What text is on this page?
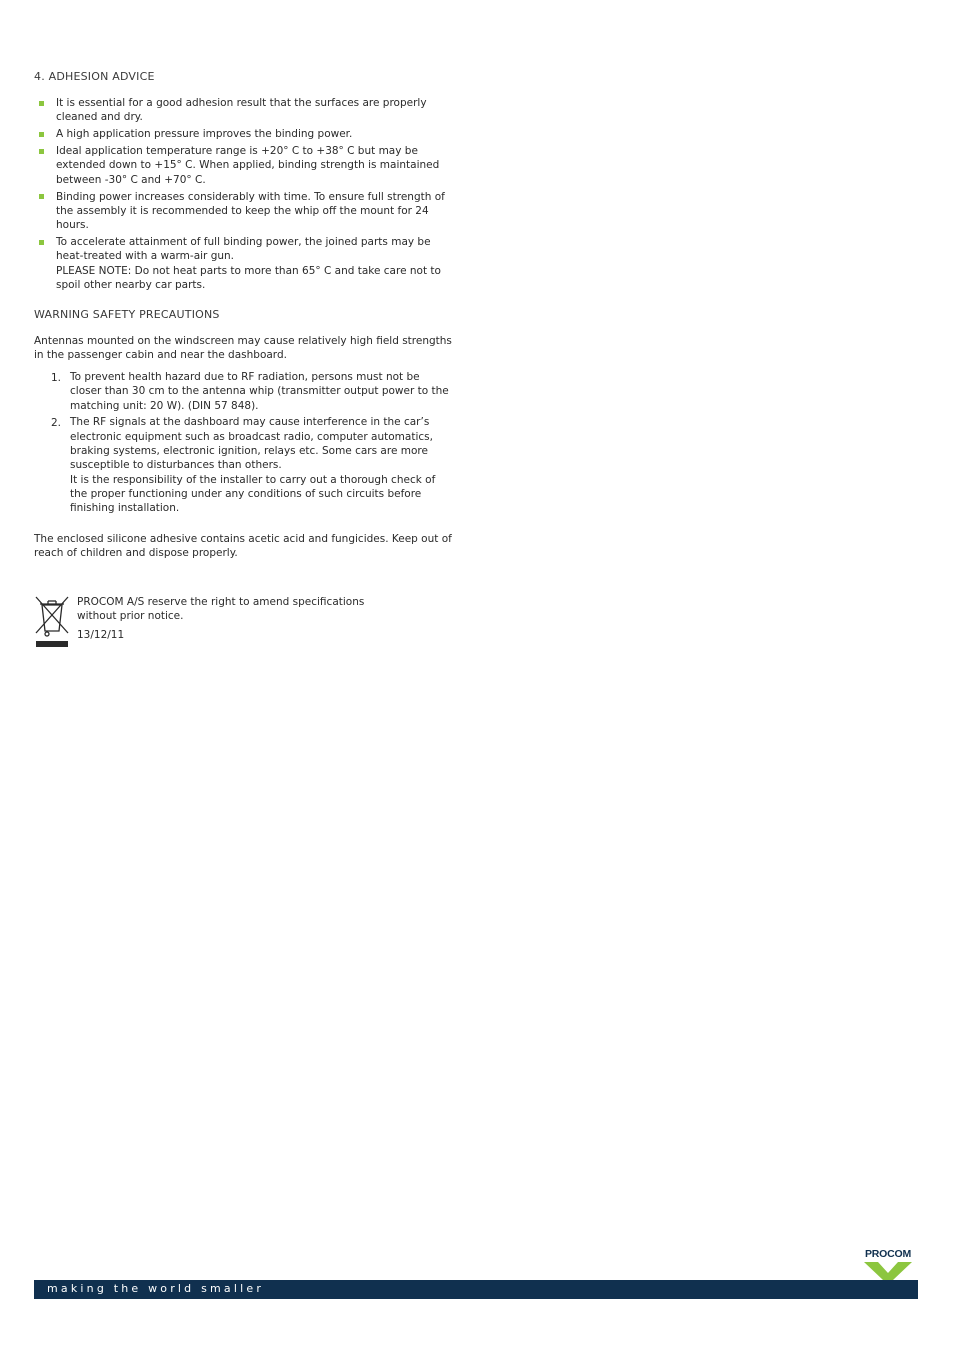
4. ADHESION ADVICE
It is essential for a good adhesion result that the surfaces are properly cleaned and dry.
A high application pressure improves the binding power.
Ideal application temperature range is +20° C to +38° C but may be extended down to +15° C. When applied, binding strength is maintained between -30° C and +70° C.
Binding power increases considerably with time. To ensure full strength of the assembly it is recommended to keep the whip off the mount for 24 hours.
To accelerate attainment of full binding power, the joined parts may be heat-treated with a warm-air gun.
PLEASE NOTE: Do not heat parts to more than 65° C and take care not to spoil other nearby car parts.
WARNING SAFETY PRECAUTIONS

Antennas mounted on the windscreen may cause relatively high field strengths in the passenger cabin and near the dashboard.

1. To prevent health hazard due to RF radiation, persons must not be closer than 30 cm to the antenna whip (transmitter output power to the matching unit: 20 W). (DIN 57 848).
2. The RF signals at the dashboard may cause interference in the car’s electronic equipment such as broadcast radio, computer automatics, braking systems, electronic ignition, relays etc. Some cars are more susceptible to disturbances than others.
It is the responsibility of the installer to carry out a thorough check of the proper functioning under any conditions of such circuits before finishing installation.

The enclosed silicone adhesive contains acetic acid and fungicides. Keep out of reach of children and dispose properly.

PROCOM A/S reserve the right to amend specifications without prior notice.
13/12/11
PROCOM
making the world smaller
